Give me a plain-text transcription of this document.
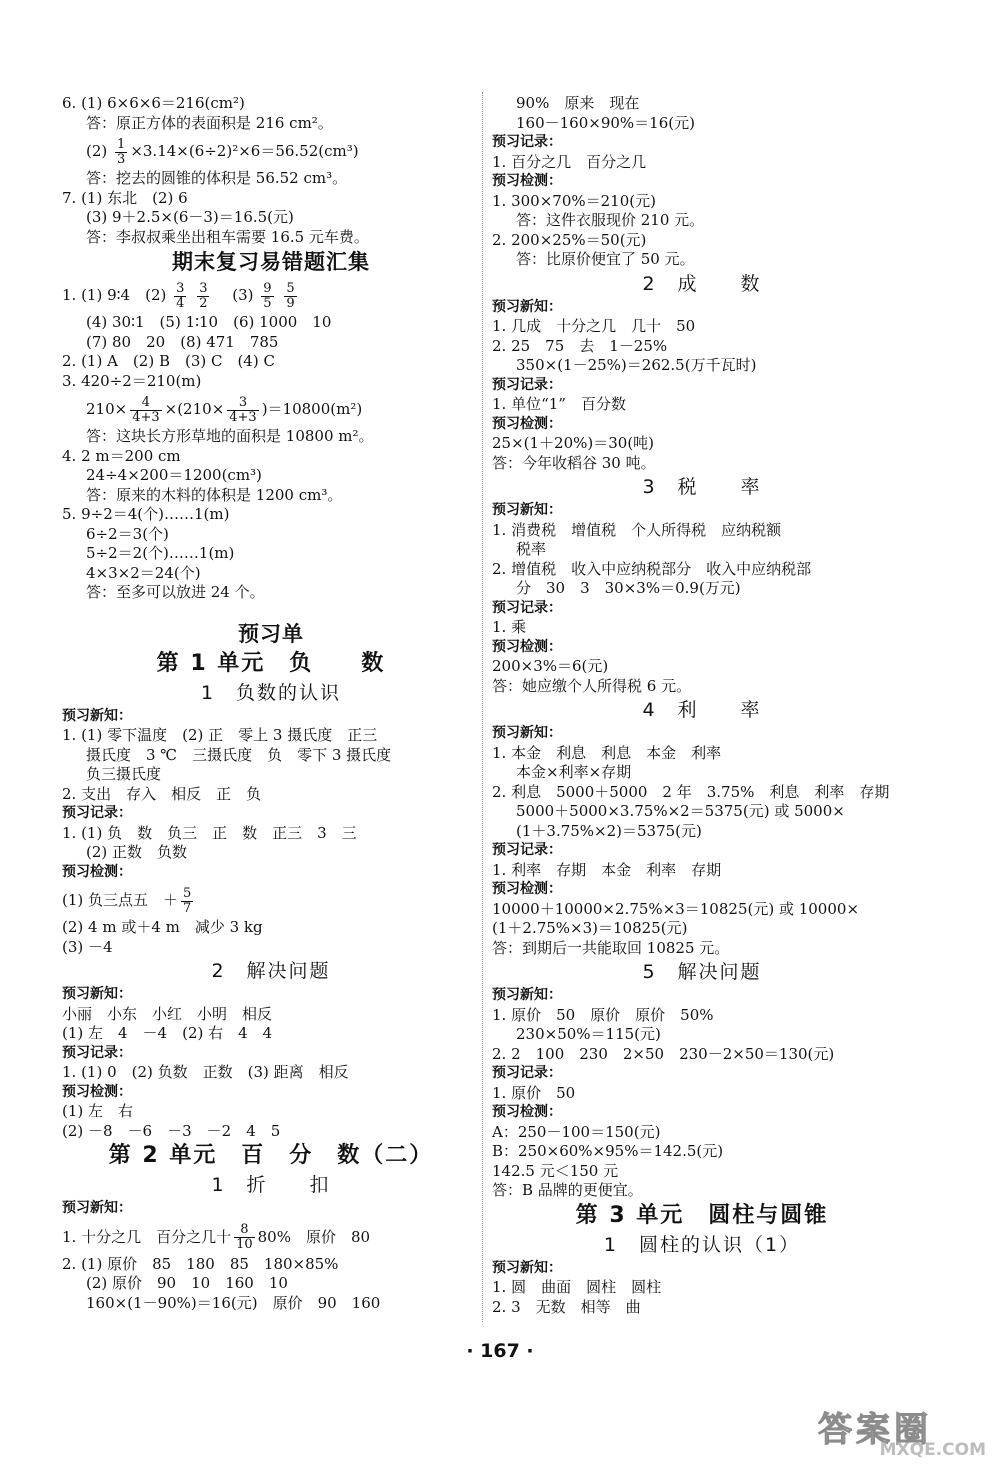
6. (1) 6×6×6＝216(cm²)
答：原正方体的表面积是 216 cm²。
$(2) \frac{1}{3} \times 3.14\times(6\div 2)^2\times 6=56.52(cm^3)$
答：挖去的圆锥的体积是 56.52 cm³。
7. (1) 东北　(2) 6
(3) 9＋2.5×(6－3)＝16.5(元)
答：李叔叔乘坐出租车需要 16.5 元车费。
期末复习易错题汇集
1. (1) 9∶4　$(2) \frac{3}{4}$
$\frac{3}{2}$
　 $(3) \frac{9}{5}$
$\frac{5}{9}$
(4) 30∶1　(5) 1∶10　(6) 1000　10
(7) 80　20　(8) 471　785
2. (1) A　(2) B　(3) C　(4) C
3. 420÷2＝210(m)
$210\times \frac{4}{4+3} \times(210\times \frac{3}{4+3} )=10800(m^2)$
答：这块长方形草地的面积是 10800 m²。
4. 2 m＝200 cm
24÷4×200＝1200(cm³)
答：原来的木料的体积是 1200 cm³。
5. 9÷2＝4(个)……1(m)
6÷2＝3(个)
5÷2＝2(个)……1(m)
4×3×2＝24(个)
答：至多可以放进 24 个。
预习单
第 1 单元　负　　数
1　负数的认识
预习新知：
1. (1) 零下温度　(2) 正　零上 3 摄氏度　正三
摄氏度　3 ℃　三摄氏度　负　零下 3 摄氏度
负三摄氏度
2. 支出　存入　相反　正　负
预习记录：
1. (1) 负　数　负三　正　数　正三　3　三
(2) 正数　负数
预习检测：
(1) 负三点五　＋ $\frac{5}{7}$
(2) 4 m 或＋4 m　减少 3 kg
(3) －4
2　解决问题
预习新知：
小丽　小东　小红　小明　相反
(1) 左　4　－4　(2) 右　4　4
预习记录：
1. (1) 0　(2) 负数　正数　(3) 距离　相反
预习检测：
(1) 左　右
(2) －8　－6　－3　－2　4　5
第 2 单元　百　分　数（二）
1　折　　扣
预习新知：
1. 十分之几　百分之几十 $\frac{8}{10} 80\%$　原价　80
2. (1) 原价　85　180　85　180×85%
(2) 原价　90　10　160　10
160×(1－90%)＝16(元)　原价　90　160
90%　原来　现在
160－160×90%＝16(元)
预习记录：
1. 百分之几　百分之几
预习检测：
1. 300×70%＝210(元)
答：这件衣服现价 210 元。
2. 200×25%＝50(元)
答：比原价便宜了 50 元。
2　成　　数
预习新知：
1. 几成　十分之几　几十　50
2. 25　75　去　1－25%
350×(1－25%)＝262.5(万千瓦时)
预习记录：
1. 单位“1”　百分数
预习检测：
25×(1＋20%)＝30(吨)
答：今年收稻谷 30 吨。
3　税　　率
预习新知：
1. 消费税　增值税　个人所得税　应纳税额
税率
2. 增值税　收入中应纳税部分　收入中应纳税部
分　30　3　30×3%＝0.9(万元)
预习记录：
1. 乘
预习检测：
200×3%＝6(元)
答：她应缴个人所得税 6 元。
4　利　　率
预习新知：
1. 本金　利息　利息　本金　利率
本金×利率×存期
2. 利息　5000＋5000　2 年　3.75%　利息　利率　存期
5000＋5000×3.75%×2＝5375(元) 或 5000×
(1＋3.75%×2)＝5375(元)
预习记录：
1. 利率　存期　本金　利率　存期
预习检测：
10000＋10000×2.75%×3＝10825(元) 或 10000×
(1＋2.75%×3)＝10825(元)
答：到期后一共能取回 10825 元。
5　解决问题
预习新知：
1. 原价　50　原价　原价　50%
230×50%＝115(元)
2. 2　100　230　2×50　230－2×50＝130(元)
预习记录：
1. 原价　50
预习检测：
A：250－100＝150(元)
B：250×60%×95%＝142.5(元)
142.5 元＜150 元
答：B 品牌的更便宜。
第 3 单元　圆柱与圆锥
1　圆柱的认识（1）
预习新知：
1. 圆　曲面　圆柱　圆柱
2. 3　无数　相等　曲
· 167 ·
答案圈
MXQE.COM
